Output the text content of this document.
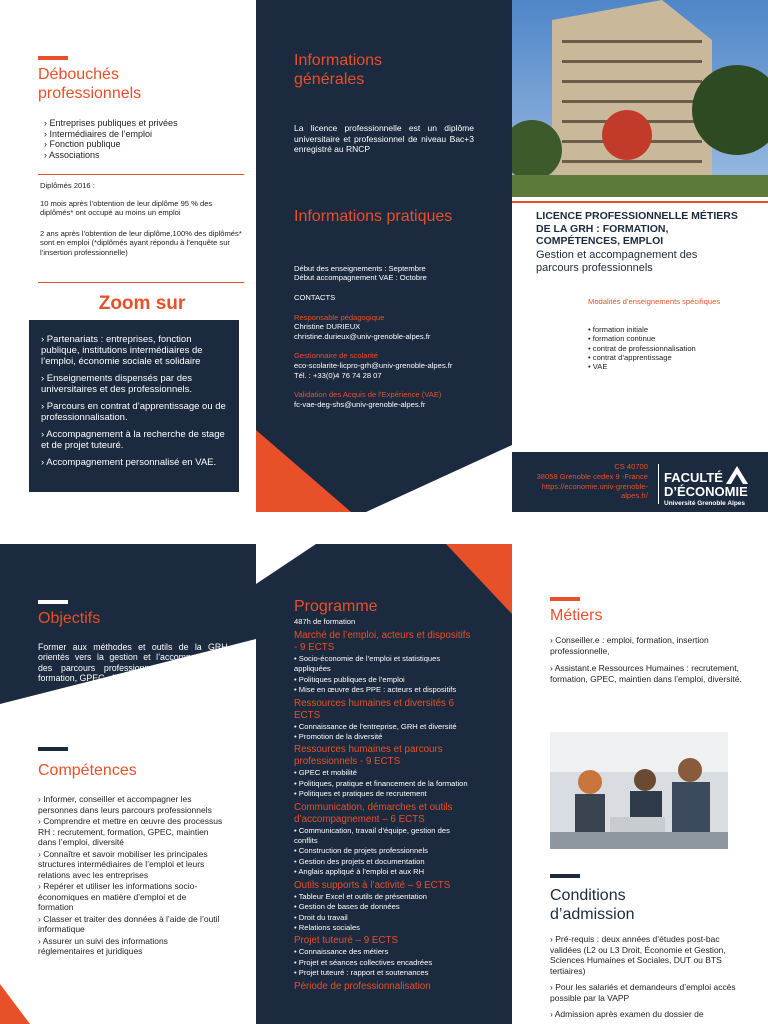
Débouchés professionnels
› Entreprises publiques et privées
› Intermédiaires de l’emploi
› Fonction publique
› Associations
Diplômés 2016 :
10 mois après l’obtention de leur diplôme 95 % des diplômés* ont occupé au moins un emploi
2 ans après l’obtention de leur diplôme,100% des diplômés* sont en emploi (*diplômés ayant répondu à l’enquête sur l’insertion professionnelle)
Zoom sur

› Partenariats : entreprises, fonction publique, institutions intermédiaires de l’emploi, économie sociale et solidaire

› Enseignements dispensés par des universitaires et des professionnels.

› Parcours en contrat d’apprentissage ou de professionnalisation.

› Accompagnement à la recherche de stage et de projet tuteuré.

› Accompagnement personnalisé en VAE.

Informations générales

La licence professionnelle est un diplôme universitaire et professionnel de niveau Bac+3 enregistré au RNCP

Informations pratiques
Début des enseignements : Septembre
Début accompagnement VAE : Octobre
CONTACTS
Responsable pédagogique
Christine DURIEUX
christine.durieux@univ-grenoble-alpes.fr
Gestionnaire de scolarité
eco-scolarite-licpro-grh@univ-grenoble-alpes.fr
Tél. : +33(0)4 76 74 28 07
Validation des Acquis de l’Expérience (VAE)
fc-vae-deg-shs@univ-grenoble-alpes.fr
LICENCE PROFESSIONNELLE MÉTIERS DE LA GRH : FORMATION, COMPÉTENCES, EMPLOI
Gestion et accompagnement des parcours professionnels
Modalités d’enseignements spécifiques
• formation initiale
• formation continue
• contrat de professionnalisation
• contrat d’apprentissage
• VAE
CS 40700
38058 Grenoble cedex 9 -France
https://economie.univ-grenoble-alpes.fr/
FACULTÉ
D’ÉCONOMIE
Université Grenoble Alpes
Objectifs

Former aux méthodes et outils de la GRH, orientés vers la gestion et l’accompagnement des parcours professionnels : recrutement, formation, GPEC, diversité, insertion...

Compétences

› Informer, conseiller et accompagner les personnes dans leurs parcours professionnels

› Comprendre et mettre en œuvre des processus RH : recrutement, formation, GPEC, maintien dans l’emploi, diversité

› Connaître et savoir mobiliser les principales structures intermédiaires de l’emploi et leurs relations avec les entreprises

› Repérer et utiliser les informations socio-économiques en matière d’emploi et de formation

› Classer et traiter des données à l’aide de l’outil informatique

› Assurer un suivi des informations réglementaires et juridiques

Programme
487h de formation
Marché de l’emploi, acteurs et dispositifs - 9 ECTS
• Socio-économie de l’emploi et statistiques appliquées
• Politiques publiques de l’emploi
• Mise en œuvre des PPE : acteurs et dispositifs
Ressources humaines et diversités 6 ECTS
• Connaissance de l’entreprise, GRH et diversité
• Promotion de la diversité
Ressources humaines et parcours professionnels - 9 ECTS
• GPEC et mobilité
• Politiques, pratique et financement de la formation
• Politiques et pratiques de recrutement
Communication, démarches et outils d’accompagnement – 6 ECTS
• Communication, travail d’équipe, gestion des conflits
• Construction de projets professionnels
• Gestion des projets et documentation
• Anglais appliqué à l’emploi et aux RH
Outils supports à l’activité – 9 ECTS
• Tableur Excel et outils de présentation
• Gestion de bases de données
• Droit du travail
• Relations sociales
Projet tuteuré – 9 ECTS
• Connaissance des métiers
• Projet et séances collectives encadrées
• Projet tuteuré : rapport et soutenances
Période de professionnalisation
Métiers

› Conseiller.e : emploi, formation, insertion professionnelle,

› Assistant.e Ressources Humaines : recrutement, formation, GPEC, maintien dans l’emploi, diversité.

Conditions d’admission

› Pré-requis : deux années d’études post-bac validées (L2 ou L3 Droit, Économie et Gestion, Sciences Humaines et Sociales, DUT ou BTS tertiaires)

› Pour les salariés et demandeurs d’emploi accès possible par la VAPP

› Admission après examen du dossier de
